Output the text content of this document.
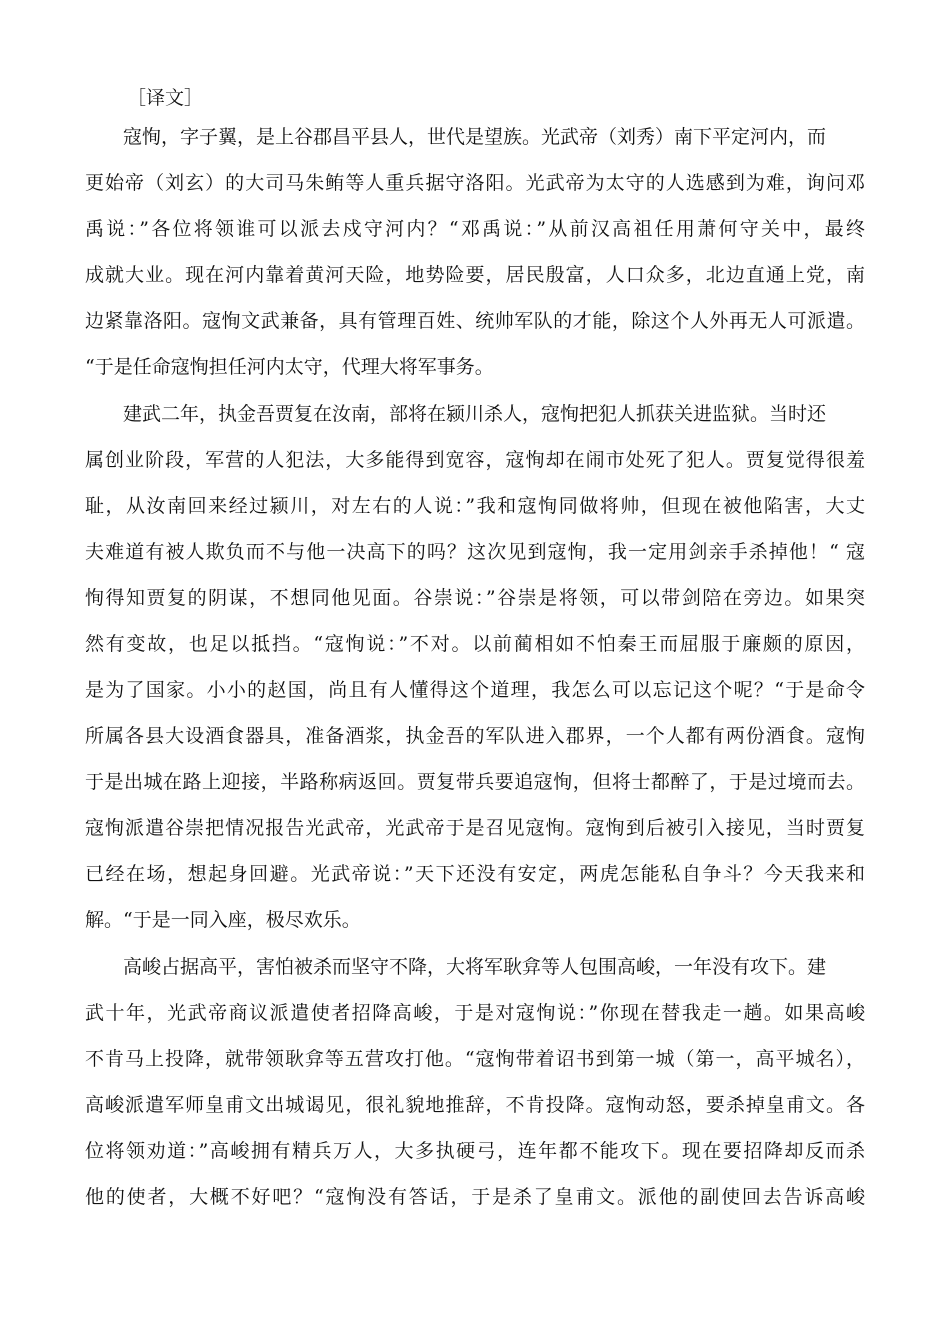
［译文］
寇恂，字子翼，是上谷郡昌平县人，世代是望族。光武帝（刘秀）南下平定河内，而
更始帝（刘玄）的大司马朱鲔等人重兵据守洛阳。光武帝为太守的人选感到为难，询问邓
禹说：”各位将领谁可以派去戍守河内？“邓禹说：”从前汉高祖任用萧何守关中，最终
成就大业。现在河内靠着黄河天险，地势险要，居民殷富，人口众多，北边直通上党，南
边紧靠洛阳。寇恂文武兼备，具有管理百姓、统帅军队的才能，除这个人外再无人可派遣。
“于是任命寇恂担任河内太守，代理大将军事务。
建武二年，执金吾贾复在汝南，部将在颍川杀人，寇恂把犯人抓获关进监狱。当时还
属创业阶段，军营的人犯法，大多能得到宽容，寇恂却在闹市处死了犯人。贾复觉得很羞
耻，从汝南回来经过颍川，对左右的人说：”我和寇恂同做将帅，但现在被他陷害，大丈
夫难道有被人欺负而不与他一决高下的吗？这次见到寇恂，我一定用剑亲手杀掉他！“ 寇
恂得知贾复的阴谋，不想同他见面。谷崇说：”谷崇是将领，可以带剑陪在旁边。如果突
然有变故，也足以抵挡。“寇恂说：”不对。以前蔺相如不怕秦王而屈服于廉颇的原因，
是为了国家。小小的赵国，尚且有人懂得这个道理，我怎么可以忘记这个呢？“于是命令
所属各县大设酒食器具，准备酒浆，执金吾的军队进入郡界，一个人都有两份酒食。寇恂
于是出城在路上迎接，半路称病返回。贾复带兵要追寇恂，但将士都醉了，于是过境而去。
寇恂派遣谷崇把情况报告光武帝，光武帝于是召见寇恂。寇恂到后被引入接见，当时贾复
已经在场，想起身回避。光武帝说：”天下还没有安定，两虎怎能私自争斗？今天我来和
解。“于是一同入座，极尽欢乐。
高峻占据高平，害怕被杀而坚守不降，大将军耿弇等人包围高峻，一年没有攻下。建
武十年，光武帝商议派遣使者招降高峻，于是对寇恂说：”你现在替我走一趟。如果高峻
不肯马上投降，就带领耿弇等五营攻打他。“寇恂带着诏书到第一城（第一，高平城名），
高峻派遣军师皇甫文出城谒见，很礼貌地推辞，不肯投降。寇恂动怒，要杀掉皇甫文。各
位将领劝道：”高峻拥有精兵万人，大多执硬弓，连年都不能攻下。现在要招降却反而杀
他的使者，大概不好吧？“寇恂没有答话，于是杀了皇甫文。派他的副使回去告诉高峻
